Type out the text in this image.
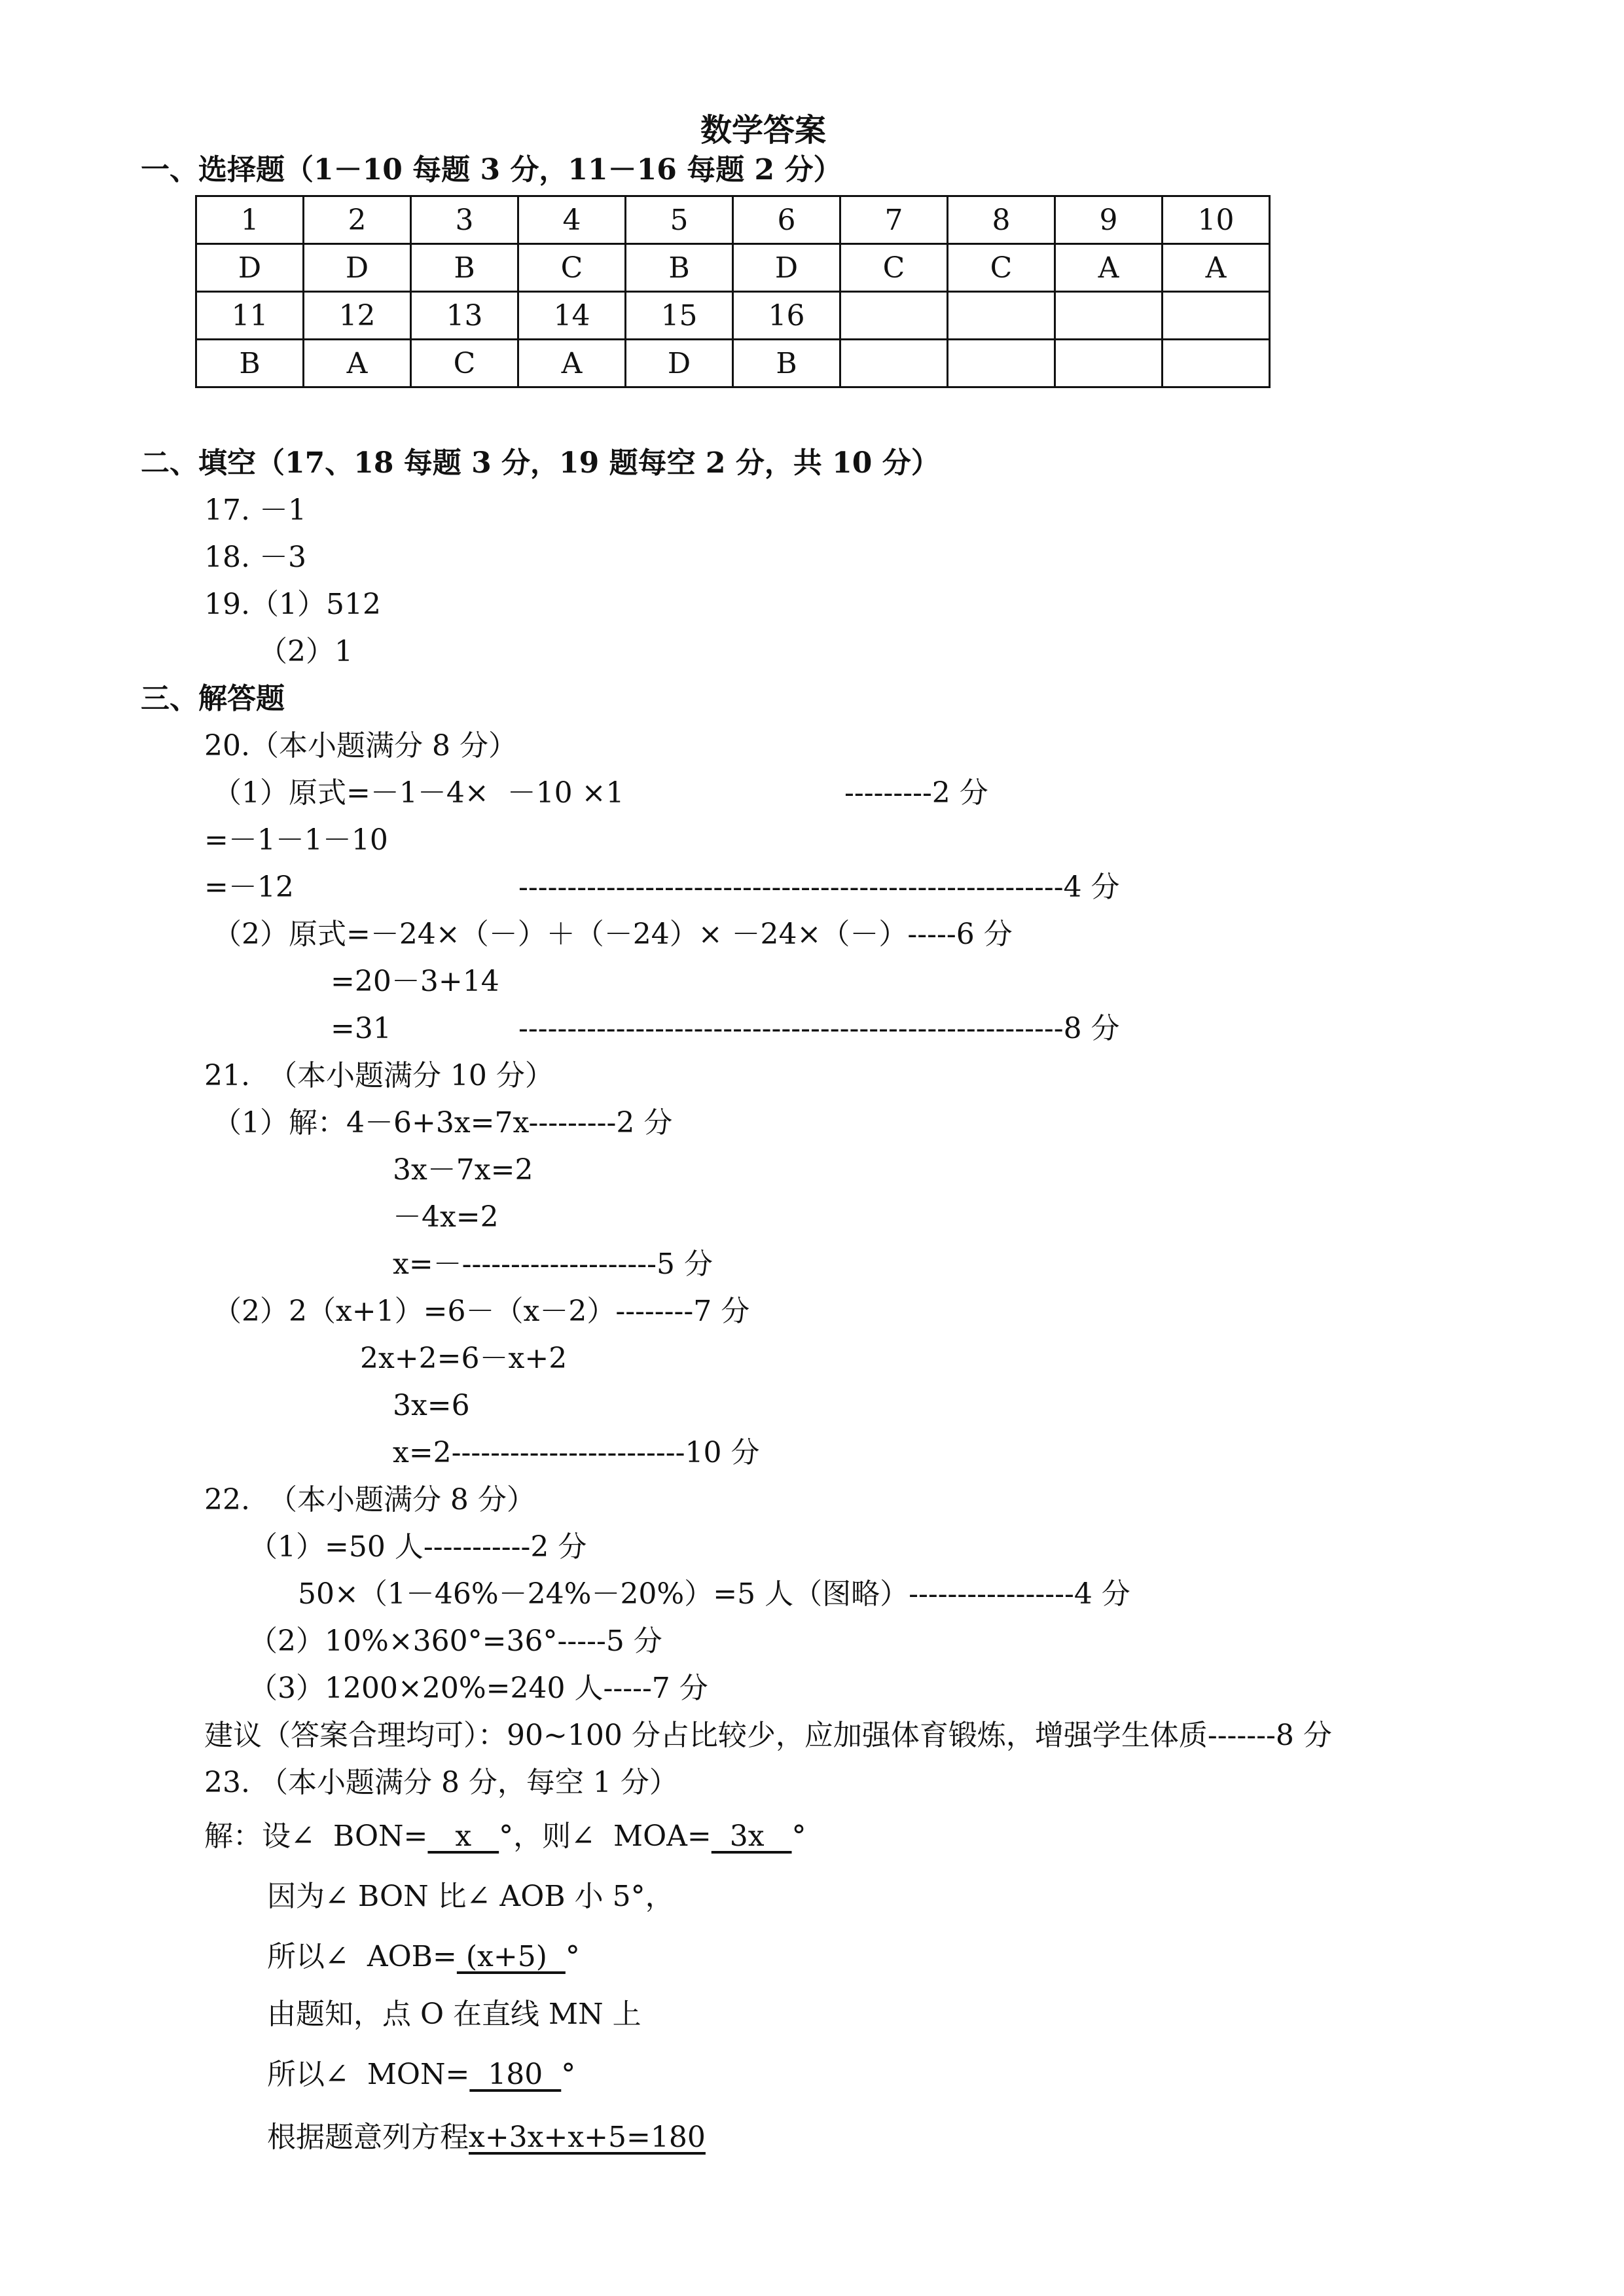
数学答案
一、选择题（1－10 每题 3 分，11－16 每题 2 分）
1	2	3	4	5	6	7	8	9	10
D	D	B	C	B	D	C	C	A	A
11	12	13	14	15	16				
B	A	C	A	D	B				
二、填空（17、18 每题 3 分，19 题每空 2 分，共 10 分）
17. －1
18. －3
19.（1）512
（2）1
三、解答题
20.（本小题满分 8 分）
（1）原式=－1－4×  －10 ×1	---------2 分
=－1－1－10
=－12	--------------------------------------------------------4 分
（2）原式=－24×（－）＋（－24）× －24×（－）-----6 分
=20－3+14
=31	--------------------------------------------------------8 分
21.  （本小题满分 10 分）
（1）解：4－6+3x=7x---------2 分
3x－7x=2
－4x=2
x=－--------------------5 分
（2）2（x+1）=6－（x－2）--------7 分
2x+2=6－x+2
3x=6
x=2------------------------10 分
22.  （本小题满分 8 分）
（1）=50 人-----------2 分
50×（1－46%－24%－20%）=5 人（图略）-----------------4 分
（2）10%×360°=36°-----5 分
（3）1200×20%=240 人-----7 分
建议（答案合理均可）：90~100 分占比较少，应加强体育锻炼，增强学生体质-------8 分
23. （本小题满分 8 分，每空 1 分）
解：设∠  BON=   x   °，则∠  MOA=  3x   °
因为∠ BON 比∠ AOB 小 5°，
所以∠  AOB= (x+5)  °
由题知，点 O 在直线 MN 上
所以∠  MON=  180  °
根据题意列方程x+3x+x+5=180
